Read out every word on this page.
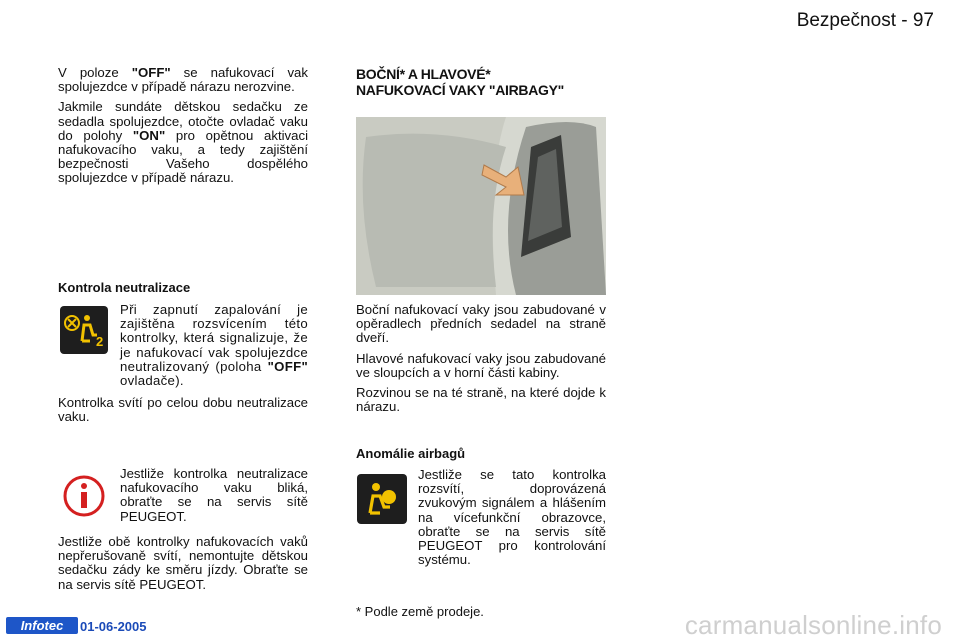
Bezpečnost - 97

V poloze "OFF" se nafukovací vak spolujezdce v případě nárazu nerozvine.

Jakmile sundáte dětskou sedačku ze sedadla spolujezdce, otočte ovladač vaku do polohy "ON" pro opětnou aktivaci nafukovacího vaku, a tedy zajištění bezpečnosti Vašeho dospělého spolujezdce v případě nárazu.

Kontrola neutralizace
2

Při zapnutí zapalování je zajištěna rozsvícením této kontrolky, která signalizuje, že je nafukovací vak spolujezdce neutralizovaný (poloha "OFF" ovladače).

Kontrolka svítí po celou dobu neutralizace vaku.
Jestliže kontrolka neutralizace nafukovacího vaku bliká, obraťte se na servis sítě PEUGEOT.
Jestliže obě kontrolky nafukovacích vaků nepřerušovaně svítí, nemontujte dětskou sedačku zády ke směru jízdy. Obraťte se na servis sítě PEUGEOT.
BOČNÍ* A HLAVOVÉ*
NAFUKOVACÍ VAKY "AIRBAGY"

Boční nafukovací vaky jsou zabudované v opěradlech předních sedadel na straně dveří.

Hlavové nafukovací vaky jsou zabudované ve sloupcích a v horní části kabiny.

Rozvinou se na té straně, na které dojde k nárazu.

Anomálie airbagů
Jestliže se tato kontrolka rozsvítí, doprovázená zvukovým signálem a hlášením na vícefunkční obrazovce, obraťte se na servis sítě PEUGEOT pro kontrolování systému.
* Podle země prodeje.
Infotec	01-06-2005	carmanualsonline.info
